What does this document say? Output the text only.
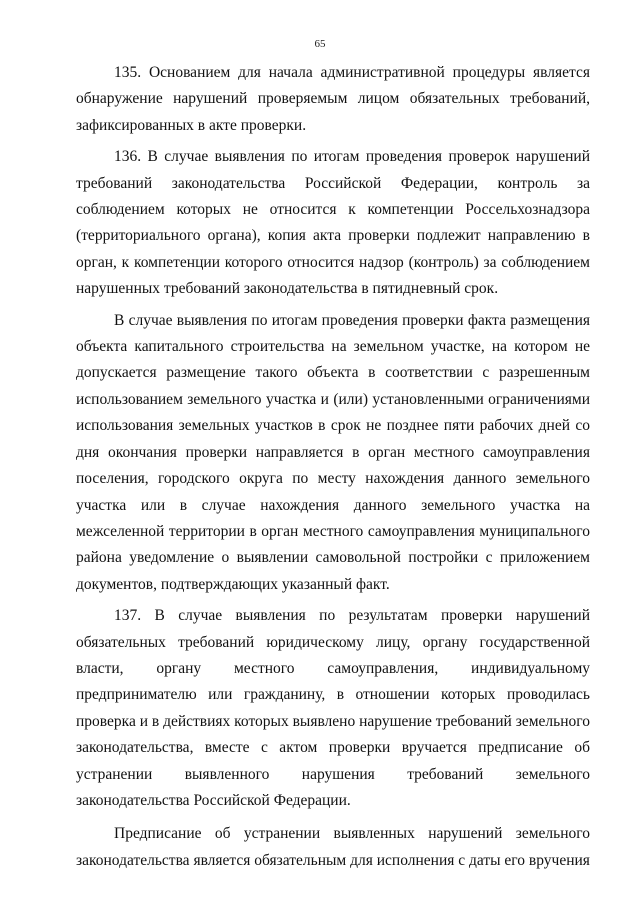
65

135. Основанием для начала административной процедуры является обнаружение нарушений проверяемым лицом обязательных требований, зафиксированных в акте проверки.

136. В случае выявления по итогам проведения проверок нарушений требований законодательства Российской Федерации, контроль за соблюдением которых не относится к компетенции Россельхознадзора (территориального органа), копия акта проверки подлежит направлению в орган, к компетенции которого относится надзор (контроль) за соблюдением нарушенных требований законодательства в пятидневный срок.

В случае выявления по итогам проведения проверки факта размещения объекта капитального строительства на земельном участке, на котором не допускается размещение такого объекта в соответствии с разрешенным использованием земельного участка и (или) установленными ограничениями использования земельных участков в срок не позднее пяти рабочих дней со дня окончания проверки направляется в орган местного самоуправления поселения, городского округа по месту нахождения данного земельного участка или в случае нахождения данного земельного участка на межселенной территории в орган местного самоуправления муниципального района уведомление о выявлении самовольной постройки с приложением документов, подтверждающих указанный факт.

137. В случае выявления по результатам проверки нарушений обязательных требований юридическому лицу, органу государственной власти, органу местного самоуправления, индивидуальному предпринимателю или гражданину, в отношении которых проводилась проверка и в действиях которых выявлено нарушение требований земельного законодательства, вместе с актом проверки вручается предписание об устранении выявленного нарушения требований земельного законодательства Российской Федерации.

Предписание об устранении выявленных нарушений земельного законодательства является обязательным для исполнения с даты его вручения
